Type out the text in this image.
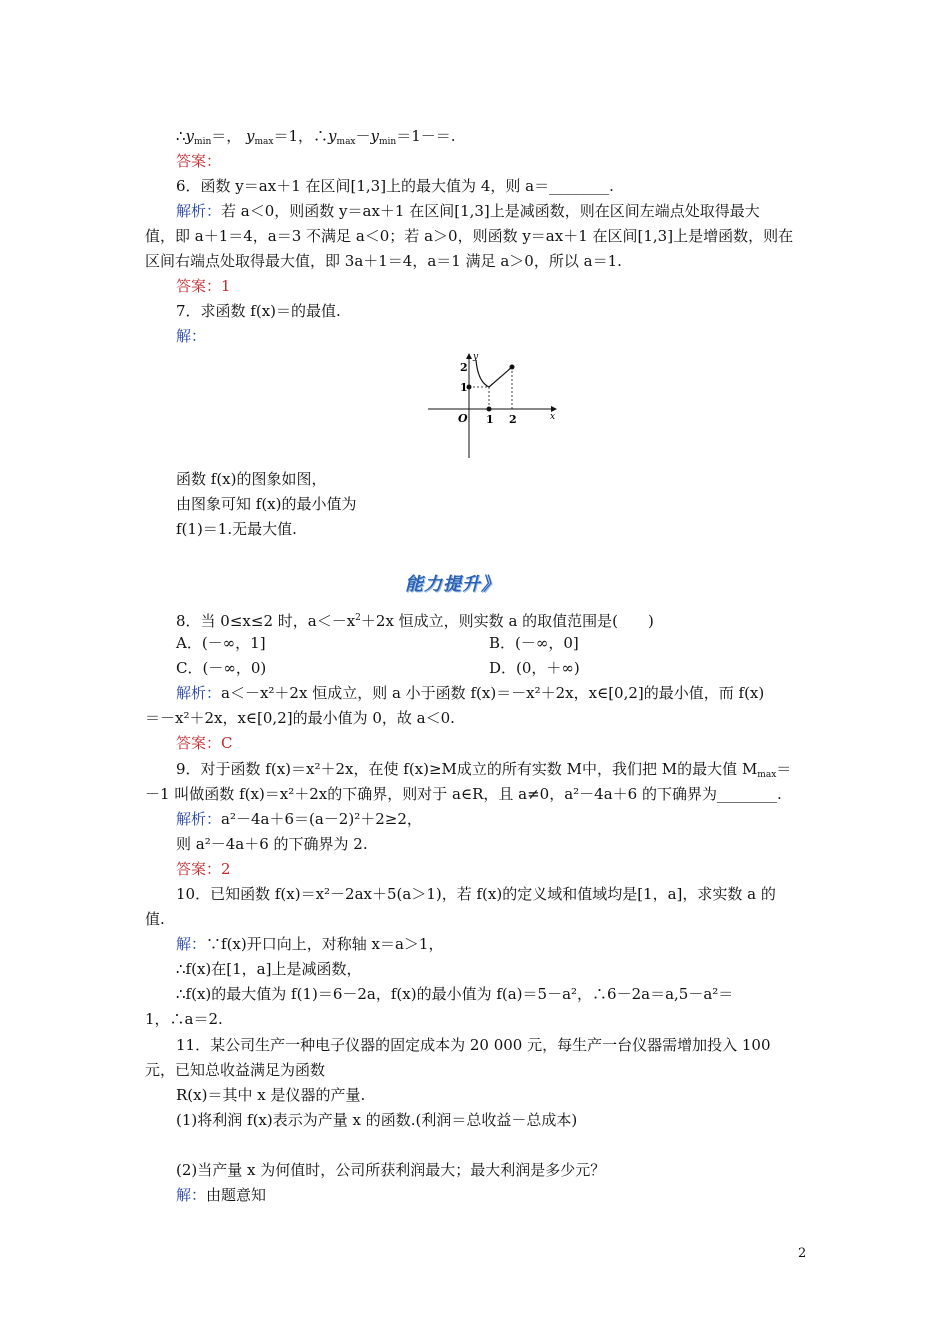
$\therefore y_{min}=$， $y_{max}=1$，$\therefore y_{max}-y_{min}=1-=$.
答案：
6．函数 y＝ax＋1 在区间[1,3]上的最大值为 4，则 a＝________.
解析：若 a＜0，则函数 y＝ax＋1 在区间[1,3]上是减函数，则在区间左端点处取得最大
值，即 a＋1＝4，a＝3 不满足 a＜0；若 a＞0，则函数 y＝ax＋1 在区间[1,3]上是增函数，则在
区间右端点处取得最大值，即 3a＋1＝4，a＝1 满足 a＞0，所以 a＝1.
答案：1
7．求函数 f(x)＝的最值.
解：
y
x
O 1 2
1
2
函数 f(x)的图象如图，
由图象可知 f(x)的最小值为
f(1)＝1.无最大值.
能力提升》
8．当 0≤x≤2 时，$a<-x^2+2x$ 恒成立，则实数 a 的取值范围是(　　)
A．(－∞，1]	B．(－∞，0]
C．(－∞，0)	D．(0，＋∞)
解析：a＜－x²＋2x 恒成立，则 a 小于函数 f(x)＝－x²＋2x，x∈[0,2]的最小值，而 f(x)
＝－x²＋2x，x∈[0,2]的最小值为 0，故 a＜0.
答案：C
9．对于函数 f(x)＝x²＋2x，在使 f(x)≥M成立的所有实数 M中，我们把 M的最大值 $M_{max}=$
－1 叫做函数 f(x)＝x²＋2x的下确界，则对于 a∈R，且 a≠0，a²－4a＋6 的下确界为________.
解析：a²－4a＋6＝(a－2)²＋2≥2，
则 a²－4a＋6 的下确界为 2.
答案：2
10．已知函数 f(x)＝x²－2ax＋5(a＞1)，若 f(x)的定义域和值域均是[1，a]，求实数 a 的
值.
解：∵f(x)开口向上，对称轴 x＝a＞1，
∴f(x)在[1，a]上是减函数，
∴f(x)的最大值为 f(1)＝6－2a，f(x)的最小值为 f(a)＝5－a²，∴6－2a＝a,5－a²＝
1，∴a＝2.
11．某公司生产一种电子仪器的固定成本为 20 000 元，每生产一台仪器需增加投入 100
元，已知总收益满足为函数
R(x)＝其中 x 是仪器的产量.
(1)将利润 f(x)表示为产量 x 的函数.(利润＝总收益－总成本)
(2)当产量 x 为何值时，公司所获利润最大；最大利润是多少元？
解：由题意知
2
